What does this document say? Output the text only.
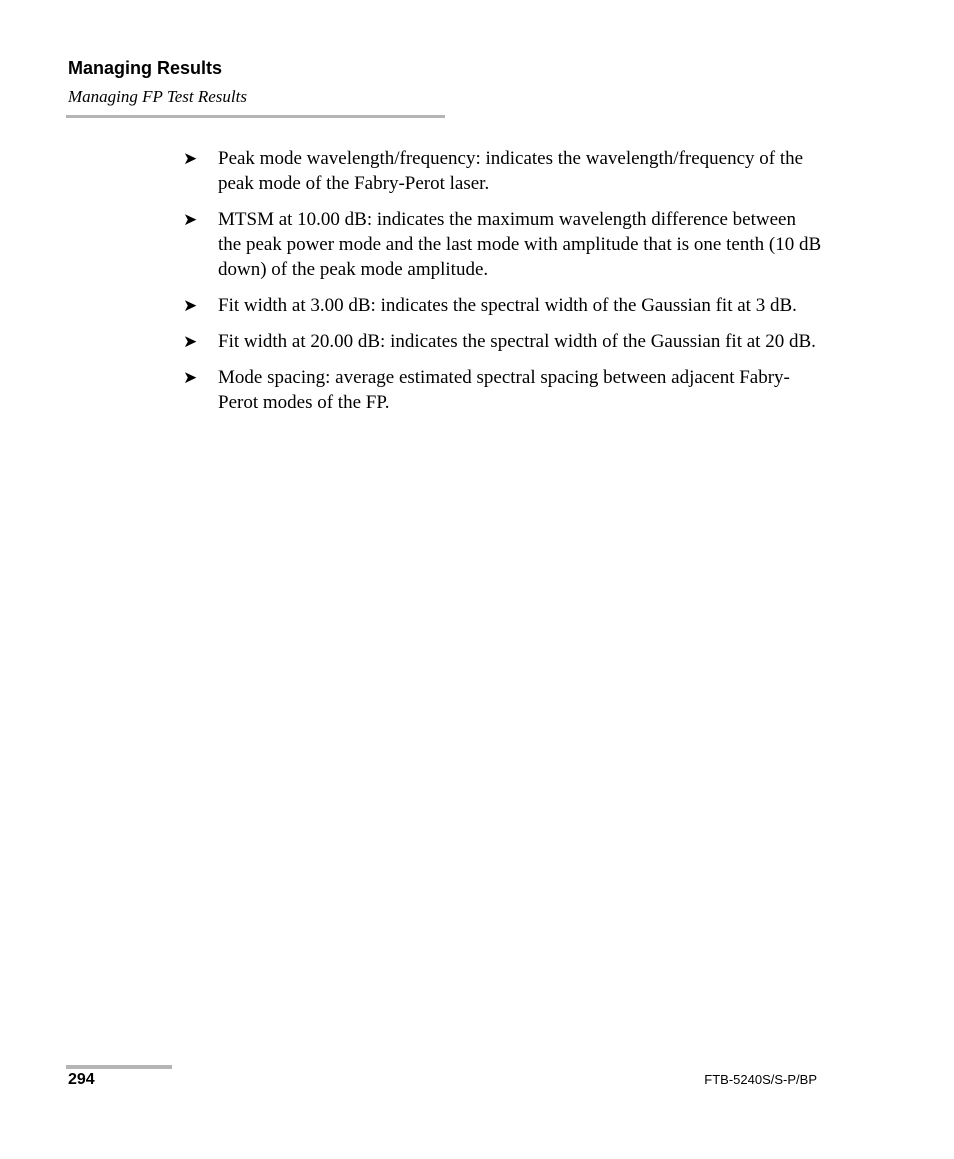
Managing Results
Managing FP Test Results
➤ Peak mode wavelength/frequency: indicates the wavelength/frequency of the peak mode of the Fabry-Perot laser.
➤ MTSM at 10.00 dB: indicates the maximum wavelength difference between the peak power mode and the last mode with amplitude that is one tenth (10 dB down) of the peak mode amplitude.
➤ Fit width at 3.00 dB: indicates the spectral width of the Gaussian fit at 3 dB.
➤ Fit width at 20.00 dB: indicates the spectral width of the Gaussian fit at 20 dB.
➤ Mode spacing: average estimated spectral spacing between adjacent Fabry-Perot modes of the FP.
294	FTB-5240S/S-P/BP
